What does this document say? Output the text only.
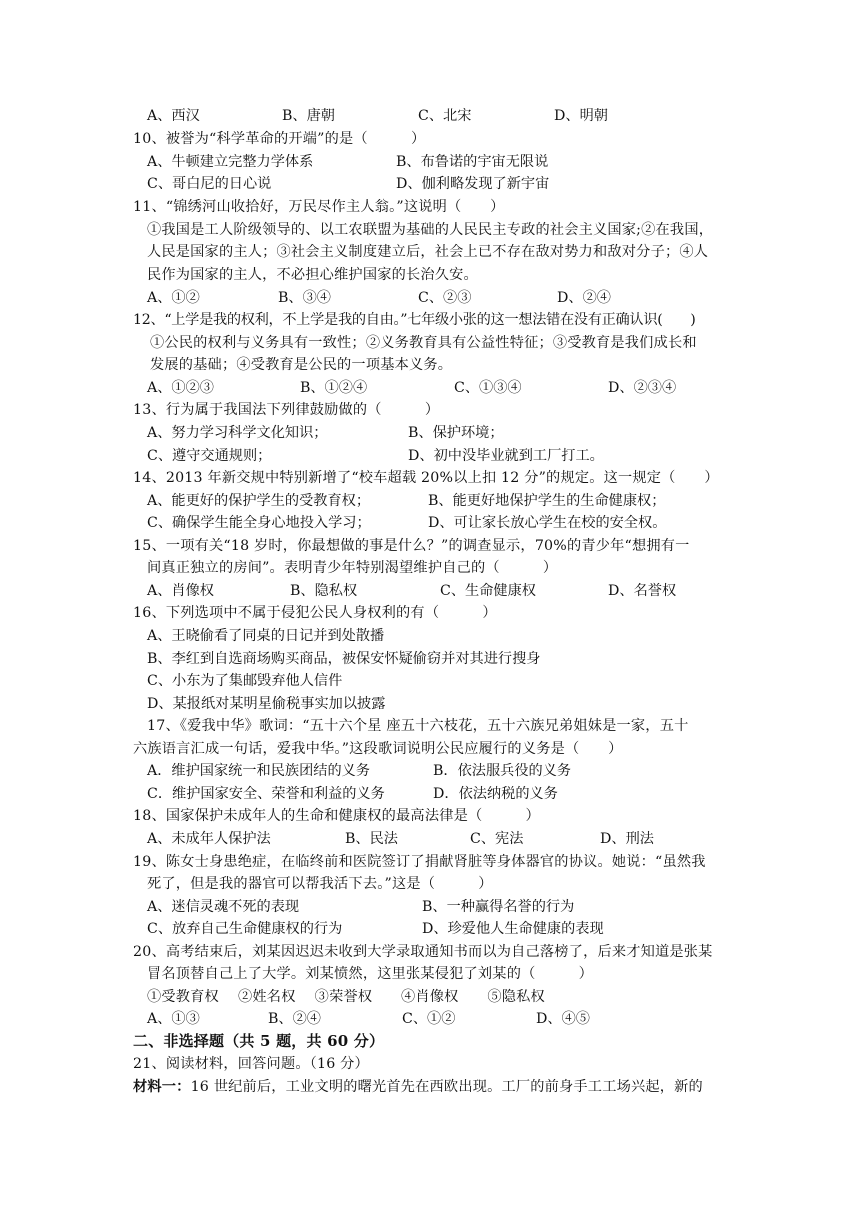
A、西汉	B、唐朝	C、北宋	D、明朝
10、被誉为“科学革命的开端”的是（　　　）
A、牛顿建立完整力学体系	B、布鲁诺的宇宙无限说
C、哥白尼的日心说	D、伽利略发现了新宇宙
11、“锦绣河山收拾好，万民尽作主人翁。”这说明（　　）
①我国是工人阶级领导的、以工农联盟为基础的人民民主专政的社会主义国家;②在我国，
人民是国家的主人；③社会主义制度建立后，社会上已不存在敌对势力和敌对分子；④人
民作为国家的主人，不必担心维护国家的长治久安。
A、①②	B、③④	C、②③	D、②④
12、“上学是我的权利，不上学是我的自由。”七年级小张的这一想法错在没有正确认识(　　)
①公民的权利与义务具有一致性；②义务教育具有公益性特征；③受教育是我们成长和
发展的基础；④受教育是公民的一项基本义务。
A、①②③	B、①②④	C、①③④	D、②③④
13、行为属于我国法下列律鼓励做的（　　　）
A、努力学习科学文化知识；	B、保护环境；
C、遵守交通规则；	D、初中没毕业就到工厂打工。
14、2013 年新交规中特别新增了“校车超载 20%以上扣 12 分”的规定。这一规定（　　）
A、能更好的保护学生的受教育权；	B、能更好地保护学生的生命健康权；
C、确保学生能全身心地投入学习；	D、可让家长放心学生在校的安全权。
15、一项有关“18 岁时，你最想做的事是什么？”的调查显示，70%的青少年“想拥有一
间真正独立的房间”。表明青少年特别渴望维护自己的（　　　）
A、肖像权	B、隐私权	C、生命健康权	D、名誉权
16、下列选项中不属于侵犯公民人身权利的有（　　　）
A、王晓偷看了同桌的日记并到处散播
B、李红到自选商场购买商品，被保安怀疑偷窃并对其进行搜身
C、小东为了集邮毁弃他人信件
D、某报纸对某明星偷税事实加以披露
17、《爱我中华》歌词：“五十六个星 座五十六枝花，五十六族兄弟姐妹是一家，五十
六族语言汇成一句话，爱我中华。”这段歌词说明公民应履行的义务是（　　）
A．维护国家统一和民族团结的义务	B．依法服兵役的义务
C．维护国家安全、荣誉和利益的义务	D．依法纳税的义务
18、国家保护未成年人的生命和健康权的最高法律是（　　　）
A、未成年人保护法	B、民法	C、宪法	D、刑法
19、陈女士身患绝症，在临终前和医院签订了捐献肾脏等身体器官的协议。她说：“虽然我
死了，但是我的器官可以帮我活下去。”这是（　　　）
A、迷信灵魂不死的表现	B、一种赢得名誉的行为
C、放弃自己生命健康权的行为	D、珍爱他人生命健康的表现
20、高考结束后，刘某因迟迟未收到大学录取通知书而以为自己落榜了，后来才知道是张某
冒名顶替自己上了大学。刘某愤然，这里张某侵犯了刘某的（　　　）
①受教育权　 ②姓名权　 ③荣誉权　　④肖像权　　⑤隐私权
A、①③	B、②④	C、①②	D、④⑤
二、非选择题（共 5 题，共 60 分）
21、阅读材料，回答问题。（16 分）
材料一：16 世纪前后，工业文明的曙光首先在西欧出现。工厂的前身手工工场兴起，新的
